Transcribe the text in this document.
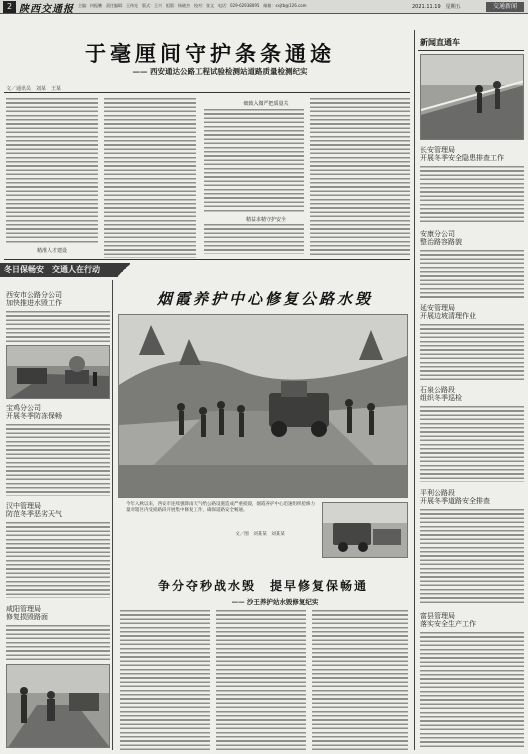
2 陕西交通报 主编：何振鹏　责任编辑：王伟光　版式：王兴　组版：杨晓杰　校对：张文　电话：029-62938095　邮箱：sxjtb@126.com	2021.11.19　星期五	交通新闻
于毫厘间守护条条通途
—— 西安通达公路工程试验检测站道路质量检测纪实
文／通讯员　刘某　王某
细致入微严把质量关
精益求精守护安全
精准人才建设
冬日保畅安　交通人在行动
西安市公路分公司
加快推进水毁工作
宝鸡分公司
开展冬季防冻保畅
汉中管理局
防范冬季恶劣天气
咸阳管理局
修复损毁路面
烟霞养护中心修复公路水毁
今年入秋以来，西安市连续强降雨天气给公路设施造成严重损毁，烟霞养护中心迅速组织抢修力量对辖区内受损路段开展集中修复工作，确保道路安全畅通。
文／图　刘某某　刘某某
争分夺秒战水毁　提早修复保畅通
—— 沙王养护站水毁修复纪实
新闻直通车
长安管理局
开展冬季安全隐患排查工作
安康分公司
整治路容路貌
延安管理局
开展边坡清理作业
石泉公路段
组织冬季巡检
平利公路段
开展冬季道路安全排查
富县管理局
落实安全生产工作
